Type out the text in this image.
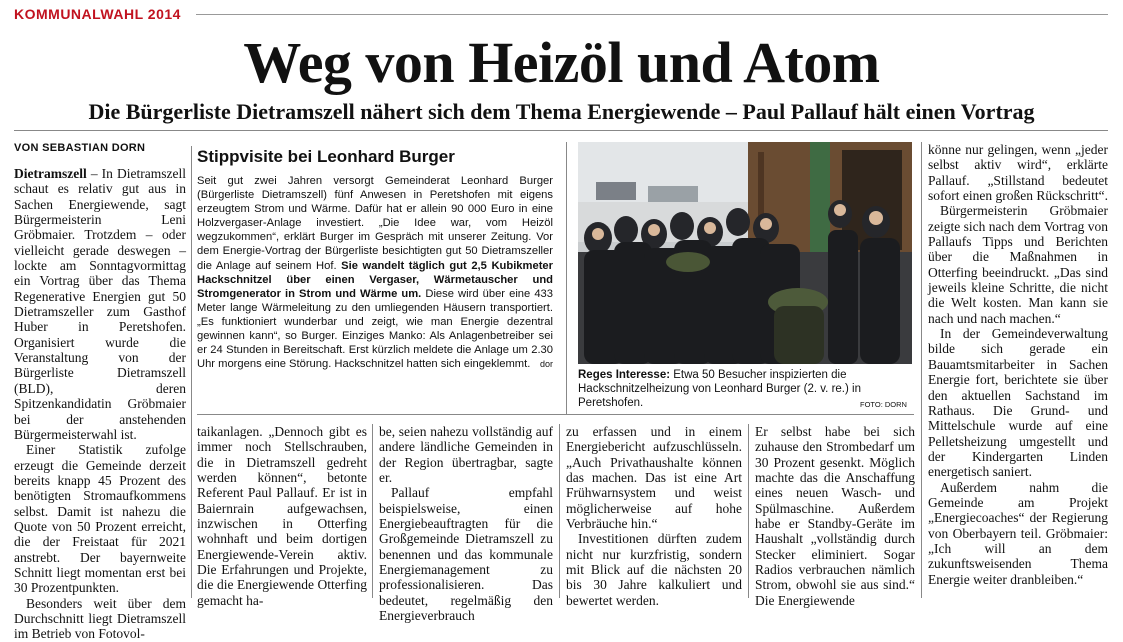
KOMMUNALWAHL 2014
Weg von Heizöl und Atom
Die Bürgerliste Dietramszell nähert sich dem Thema Energiewende – Paul Pallauf hält einen Vortrag
VON SEBASTIAN DORN

Dietramszell – In Dietramszell schaut es relativ gut aus in Sachen Energiewende, sagt Bürgermeisterin Leni Gröbmaier. Trotzdem – oder vielleicht gerade deswegen – lockte am Sonntagvormittag ein Vortrag über das Thema Regenerative Energien gut 50 Dietramszeller zum Gasthof Huber in Peretshofen. Organisiert wurde die Veranstaltung von der Bürgerliste Dietramszell (BLD), deren Spitzenkandidatin Gröbmaier bei der anstehenden Bürgermeisterwahl ist.

Einer Statistik zufolge erzeugt die Gemeinde derzeit bereits knapp 45 Prozent des benötigten Stromaufkommens selbst. Damit ist nahezu die Quote von 50 Prozent erreicht, die der Freistaat für 2021 anstrebt. Der bayernweite Schnitt liegt momentan erst bei 30 Prozentpunkten.

Besonders weit über dem Durchschnitt liegt Dietramszell im Betrieb von Fotovol-

Stippvisite bei Leonhard Burger
Seit gut zwei Jahren versorgt Gemeinderat Leonhard Burger (Bürgerliste Dietramszell) fünf Anwesen in Peretshofen mit eigens erzeugtem Strom und Wärme. Dafür hat er allein 90 000 Euro in eine Holzvergaser-Anlage investiert. „Die Idee war, vom Heizöl wegzukommen“, erklärt Burger im Gespräch mit unserer Zeitung. Vor dem Energie-Vortrag der Bürgerliste besichtigten gut 50 Dietramszeller die Anlage auf seinem Hof. Sie wandelt täglich gut 2,5 Kubikmeter Hackschnitzel über einen Vergaser, Wärmetauscher und Stromgenerator in Strom und Wärme um. Diese wird über eine 433 Meter lange Wärmeleitung zu den umliegenden Häusern transportiert. „Es funktioniert wunderbar und zeigt, wie man Energie dezentral gewinnen kann“, so Burger. Einziges Manko: Als Anlagenbetreiber sei er 24 Stunden in Bereitschaft. Erst kürzlich meldete die Anlage um 2.30 Uhr morgens eine Störung. Hackschnitzel hatten sich eingeklemmt.	dor
Reges Interesse: Etwa 50 Besucher inspizierten die Hackschnitzelheizung von Leonhard Burger (2. v. re.) in Peretshofen.	FOTO: DORN

könne nur gelingen, wenn „jeder selbst aktiv wird“, erklärte Pallauf. „Stillstand bedeutet sofort einen großen Rückschritt“.

Bürgermeisterin Gröbmaier zeigte sich nach dem Vortrag von Pallaufs Tipps und Berichten über die Maßnahmen in Otterfing beeindruckt. „Das sind jeweils kleine Schritte, die nicht die Welt kosten. Man kann sie nach und nach machen.“

In der Gemeindeverwaltung bilde sich gerade ein Bauamtsmitarbeiter in Sachen Energie fort, berichtete sie über den aktuellen Sachstand im Rathaus. Die Grund- und Mittelschule wurde auf eine Pelletsheizung umgestellt und der Kindergarten Linden energetisch saniert.

Außerdem nahm die Gemeinde am Projekt „Energiecoaches“ der Regierung von Oberbayern teil. Gröbmaier: „Ich will an dem zukunftsweisenden Thema Energie weiter dranbleiben.“

taikanlagen. „Dennoch gibt es immer noch Stellschrauben, die in Dietramszell gedreht werden können“, betonte Referent Paul Pallauf. Er ist in Baiernrain aufgewachsen, inzwischen in Otterfing wohnhaft und beim dortigen Energiewende-Verein aktiv. Die Erfahrungen und Projekte, die die Energiewende Otterfing gemacht ha-

be, seien nahezu vollständig auf andere ländliche Gemeinden in der Region übertragbar, sagte er.

Pallauf empfahl beispielsweise, einen Energiebeauftragten für die Großgemeinde Dietramszell zu benennen und das kommunale Energiemanagement zu professionalisieren. Das bedeutet, regelmäßig den Energieverbrauch

zu erfassen und in einem Energiebericht aufzuschlüsseln. „Auch Privathaushalte können das machen. Das ist eine Art Frühwarnsystem und weist möglicherweise auf hohe Verbräuche hin.“

Investitionen dürften zudem nicht nur kurzfristig, sondern mit Blick auf die nächsten 20 bis 30 Jahre kalkuliert und bewertet werden.

Er selbst habe bei sich zuhause den Strombedarf um 30 Prozent gesenkt. Möglich machte das die Anschaffung eines neuen Wasch- und Spülmaschine. Außerdem habe er Standby-Geräte im Haushalt „vollständig durch Stecker eliminiert. Sogar Radios verbrauchen nämlich Strom, obwohl sie aus sind.“ Die Energiewende
